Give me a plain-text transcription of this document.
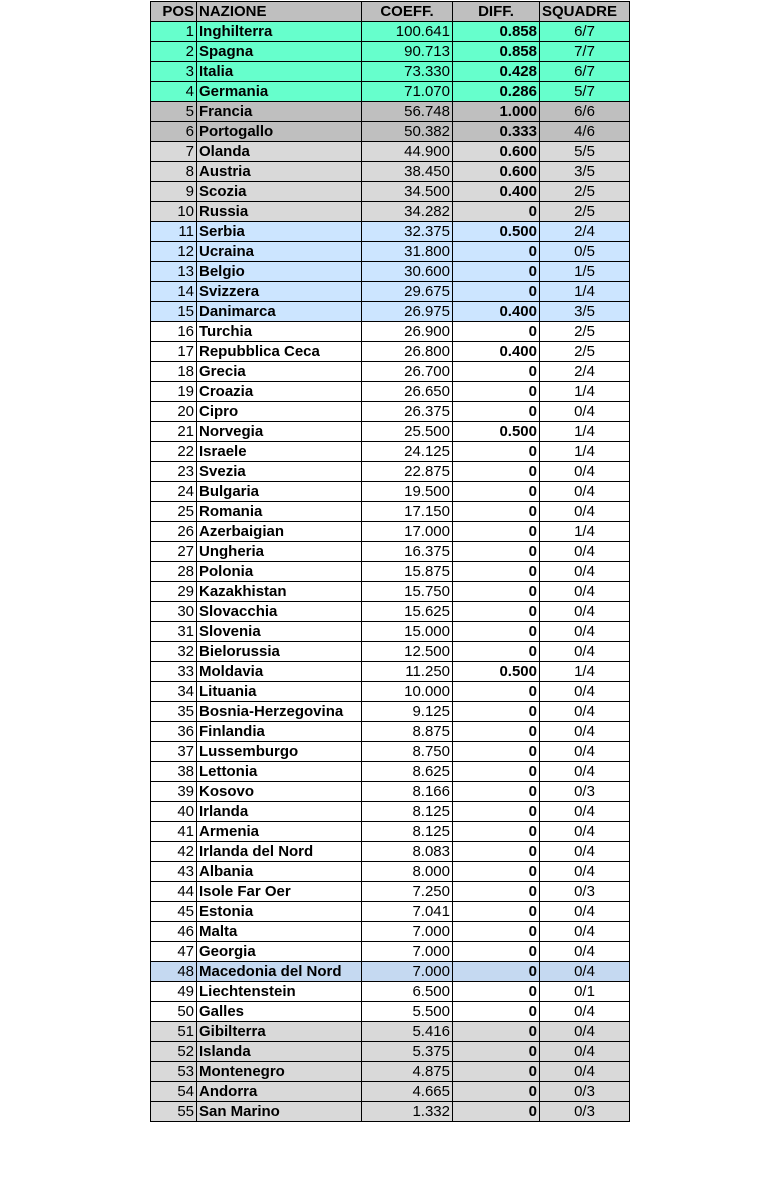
POS	NAZIONE	COEFF.	DIFF.	SQUADRE
1	Inghilterra	100.641	0.858	6/7
2	Spagna	90.713	0.858	7/7
3	Italia	73.330	0.428	6/7
4	Germania	71.070	0.286	5/7
5	Francia	56.748	1.000	6/6
6	Portogallo	50.382	0.333	4/6
7	Olanda	44.900	0.600	5/5
8	Austria	38.450	0.600	3/5
9	Scozia	34.500	0.400	2/5
10	Russia	34.282	0	2/5
11	Serbia	32.375	0.500	2/4
12	Ucraina	31.800	0	0/5
13	Belgio	30.600	0	1/5
14	Svizzera	29.675	0	1/4
15	Danimarca	26.975	0.400	3/5
16	Turchia	26.900	0	2/5
17	Repubblica Ceca	26.800	0.400	2/5
18	Grecia	26.700	0	2/4
19	Croazia	26.650	0	1/4
20	Cipro	26.375	0	0/4
21	Norvegia	25.500	0.500	1/4
22	Israele	24.125	0	1/4
23	Svezia	22.875	0	0/4
24	Bulgaria	19.500	0	0/4
25	Romania	17.150	0	0/4
26	Azerbaigian	17.000	0	1/4
27	Ungheria	16.375	0	0/4
28	Polonia	15.875	0	0/4
29	Kazakhistan	15.750	0	0/4
30	Slovacchia	15.625	0	0/4
31	Slovenia	15.000	0	0/4
32	Bielorussia	12.500	0	0/4
33	Moldavia	11.250	0.500	1/4
34	Lituania	10.000	0	0/4
35	Bosnia-Herzegovina	9.125	0	0/4
36	Finlandia	8.875	0	0/4
37	Lussemburgo	8.750	0	0/4
38	Lettonia	8.625	0	0/4
39	Kosovo	8.166	0	0/3
40	Irlanda	8.125	0	0/4
41	Armenia	8.125	0	0/4
42	Irlanda del Nord	8.083	0	0/4
43	Albania	8.000	0	0/4
44	Isole Far Oer	7.250	0	0/3
45	Estonia	7.041	0	0/4
46	Malta	7.000	0	0/4
47	Georgia	7.000	0	0/4
48	Macedonia del Nord	7.000	0	0/4
49	Liechtenstein	6.500	0	0/1
50	Galles	5.500	0	0/4
51	Gibilterra	5.416	0	0/4
52	Islanda	5.375	0	0/4
53	Montenegro	4.875	0	0/4
54	Andorra	4.665	0	0/3
55	San Marino	1.332	0	0/3
